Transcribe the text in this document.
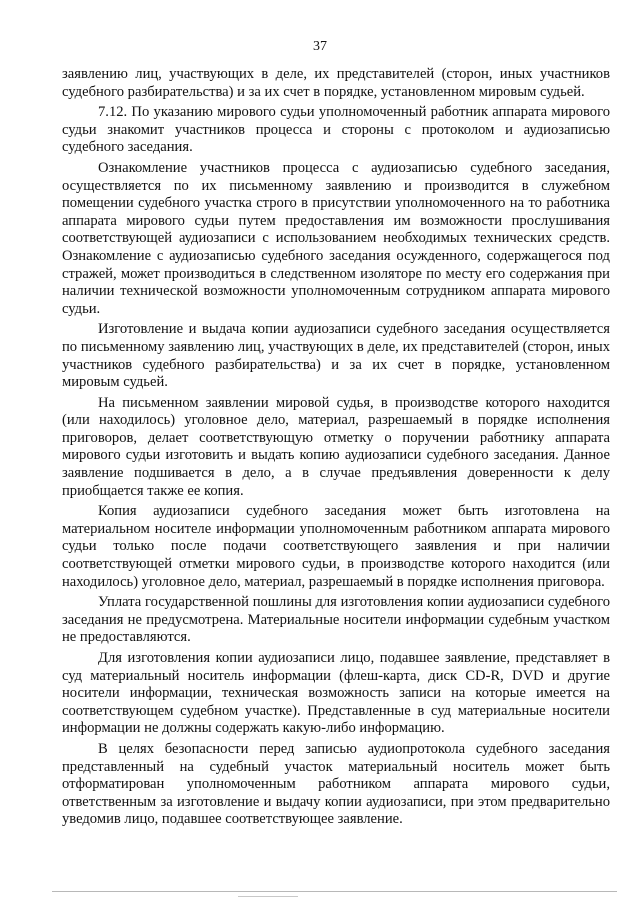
37

заявлению лиц, участвующих в деле, их представителей (сторон, иных участников судебного разбирательства) и за их счет в порядке, установленном мировым судьей.

7.12. По указанию мирового судьи уполномоченный работник аппарата мирового судьи знакомит участников процесса и стороны с протоколом и аудиозаписью судебного заседания.

Ознакомление участников процесса с аудиозаписью судебного заседания, осуществляется по их письменному заявлению и производится в служебном помещении судебного участка строго в присутствии уполномоченного на то работника аппарата мирового судьи путем предоставления им возможности прослушивания соответствующей аудиозаписи с использованием необходимых технических средств. Ознакомление с аудиозаписью судебного заседания осужденного, содержащегося под стражей, может производиться в следственном изоляторе по месту его содержания при наличии технической возможности уполномоченным сотрудником аппарата мирового судьи.

Изготовление и выдача копии аудиозаписи судебного заседания осуществляется по письменному заявлению лиц, участвующих в деле, их представителей (сторон, иных участников судебного разбирательства) и за их счет в порядке, установленном мировым судьей.

На письменном заявлении мировой судья, в производстве которого находится (или находилось) уголовное дело, материал, разрешаемый в порядке исполнения приговоров, делает соответствующую отметку о поручении работнику аппарата мирового судьи изготовить и выдать копию аудиозаписи судебного заседания. Данное заявление подшивается в дело, а в случае предъявления доверенности к делу приобщается также ее копия.

Копия аудиозаписи судебного заседания может быть изготовлена на материальном носителе информации уполномоченным работником аппарата мирового судьи только после подачи соответствующего заявления и при наличии соответствующей отметки мирового судьи, в производстве которого находится (или находилось) уголовное дело, материал, разрешаемый в порядке исполнения приговора.

Уплата государственной пошлины для изготовления копии аудиозаписи судебного заседания не предусмотрена. Материальные носители информации судебным участком не предоставляются.

Для изготовления копии аудиозаписи лицо, подавшее заявление, представляет в суд материальный носитель информации (флеш-карта, диск CD-R, DVD и другие носители информации, техническая возможность записи на которые имеется на соответствующем судебном участке). Представленные в суд материальные носители информации не должны содержать какую-либо информацию.

В целях безопасности перед записью аудиопротокола судебного заседания представленный на судебный участок материальный носитель может быть отформатирован уполномоченным работником аппарата мирового судьи, ответственным за изготовление и выдачу копии аудиозаписи, при этом предварительно уведомив лицо, подавшее соответствующее заявление.
